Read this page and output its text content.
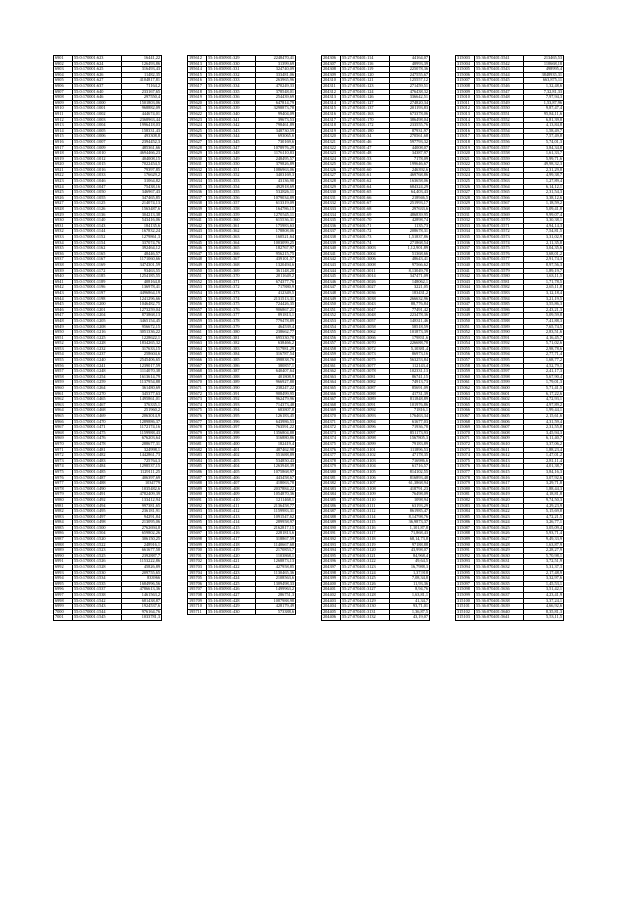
6901	55:0:170001:623	16441,22
6902	55:0:170001:624	126493,86
6903	55:0:170001:625	316493,43
6904	55:0:170001:626	11482,35
6905	55:0:170001:627	4104817,81
6906	55:0:170001:637	71164,2
6907	55:0:170001:640	233167,65
6908	55:0:170001:646	297550,4
6909	55:0:170001:1000	1501803,06
6910	55:0:170001:1001	968882,09
6911	55:0:170001:1002	444674,01
6912	55:0:170001:1003	2368963,44
6913	55:0:170001:1004	1996418,03
6914	55:0:170001:1005	158331,43
6915	55:0:170001:1006	493308,8
6916	55:0:170001:1007	2394452,3
6917	55:0:170001:1009	485361,66
6918	55:0:170001:1010	4694466,23
6919	55:0:170001:1012	404008,15
6920	55:0:170001:1015	7022454,5
6921	55:0:170001:1016	79397,85
6922	55:0:170001:1033	176629,2
6923	55:0:170001:1046	31064,82
6924	55:0:170001:1047	75438,16
6925	55:0:170001:1050	346967,43
6926	55:0:170001:1055	347465,85
6927	55:0:170001:1125	214074,13
6928	55:0:170001:1126	1563487,6
6929	55:0:170001:1136	304213,38
6930	55:0:170001:1140	543416,06
6931	55:0:170001:1143	184135,6
6932	55:0:170001:1144	167832,24
6933	55:0:170001:1152	1279861,3
6934	55:0:170001:1154	337074,76
6935	55:0:170001:1162	392464,12
6936	55:0:170001:1165	48446,57
6937	55:0:170001:1167	1171060,66
6938	55:0:170001:1169	3474301,59
6939	55:0:170001:1172	93463,55
6940	55:0:170001:1185	1254185,55
6941	55:0:170001:1189	408164,8
6942	55:0:170001:1196	136978,41
6943	55:0:170001:1197	4496864,19
6944	55:0:170001:1198	1241296,66
6945	55:0:170001:1200	1046482,75
6946	55:0:170001:1201	1273259,04
6947	55:0:170001:1204	873868,13
6948	55:0:170001:1205	3465154,45
6949	55:0:170001:1208	956672,15
6950	55:0:170001:1216	3051336,22
6951	55:0:170001:1225	1228622,1
6952	55:0:170001:1228	1834265,32
6953	55:0:170001:1232	317633,15
6954	55:0:170001:1237	258604,6
6955	55:0:170001:1240	2545406,65
6956	55:0:170001:1241	1239017,59
6957	55:0:170001:1248	1114070,38
6958	55:0:170001:1254	1613614,79
6959	55:0:170001:1259	1137954,88
6960	55:0:170001:1264	361480,69
6961	55:0:170001:1270	345377,63
6962	55:0:170001:1465	1495861,01
6963	55:0:170001:1467	376335,1
6964	55:0:170001:1468	251960,2
6965	55:0:170001:1469	2063014,9
6966	55:0:170001:1470	1289886,37
6967	55:0:170001:1471	1172174,16
6968	55:0:170001:1475	1159988,43
6969	55:0:170001:1476	676203,64
6970	55:0:170001:1478	288677,31
6971	55:0:170001:1481	324998,1
6972	55:0:170001:1482	1442861,73
6973	55:0:170001:1483	725764,3
6974	55:0:170001:1484	1298537,15
6975	55:0:170001:1485	1129111,25
6976	55:0:170001:1487	406397,69
6977	55:0:170001:1488	1034779
6978	55:0:170001:1490	1035482,6
6979	55:0:170001:1491	4782409,39
6980	55:0:170001:1492	133412,94
6981	55:0:170001:1494	997381,65
6982	55:0:170001:1495	236181,91
6983	55:0:170001:1497	94291,84
6984	55:0:170001:1498	213095,06
6985	55:0:170001:1500	2762694,8
6986	55:0:170001:1504	659802,26
6987	55:0:170001:1520	306150,25
6988	55:0:170001:1522	248916,1
6989	55:0:170001:1523	661677,58
6990	55:0:170001:1525	2392887,7
6991	55:0:170001:1526	1153222,86
6992	55:0:170001:1528	45826,89
6993	55:0:170001:1530	209755,65
6994	55:0:170001:1534	833966
6995	55:0:170001:1535	1684996,56
6996	55:0:170001:1537	4786613,36
6997	55:0:170001:1538	1461563,2
6998	55:0:170001:1542	681438,87
6999	55:0:170001:1543	1924537,6
7000	55:0:170001:1544	976164,76
7001	55:0:170001:1545	1033781,3
195612	55:16:050901:329	2248470,41
195613	55:16:050901:330	31399,69
195614	55:16:050901:331	324740,09
195615	55:16:050901:332	333481,06
195616	55:16:050901:333	263965,96
195617	55:16:050901:334	470249,33
195618	55:16:050901:335	378548,01
195619	55:16:050901:336	254439,69
195620	55:16:050901:338	647814,79
195621	55:16:050901:339	3298873,78
195622	55:16:050901:340	99404,09
195623	55:16:050901:341	39673,53
195624	55:16:050901:342	798461,89
195625	55:16:050901:343	348730,59
195626	55:16:050901:344	693065,6
195627	55:16:050901:345	730169,6
195628	55:16:050901:347	1078976,29
195629	55:16:050901:348	1176110,83
195630	55:16:050901:349	248495,57
195631	55:16:050901:350	379826,89
195632	55:16:050901:351	1086963,06
195633	55:16:050901:352	3403169,3
195634	55:16:050901:353	43136,98
195635	55:16:050901:354	492918,69
195636	55:16:050901:355	532826,11
195637	55:16:050901:356	1079034,89
195638	55:16:050901:357	613319,09
195639	55:16:050901:358	164786,15
195640	55:16:050901:359	1270545,11
195641	55:16:050901:360	615536,31
195642	55:16:050901:361	175983,63
195643	55:16:050901:362	178808,06
195644	55:16:050901:363	160521,64
195645	55:16:050901:364	1003099,25
195646	55:16:050901:365	182767,97
195647	55:16:050901:366	956215,75
195648	55:16:050901:367	439101,57
195649	55:16:050901:368	1320494,6
195650	55:16:050901:369	361148,28
195651	55:16:050901:370	2011649,2
195652	55:16:050901:371	674377,76
195653	55:16:050901:372	717880,9
195654	55:16:050901:373	412349,5
195655	55:16:050901:374	2131513,31
195656	55:16:050901:375	724426,35
195657	55:16:050901:376	906867,21
195658	55:16:050901:377	891813,1
195659	55:16:050901:378	779478,89
195660	55:16:050901:379	464539,4
195661	55:16:050901:380	238662,77
195662	55:16:050901:381	695330,78
195663	55:16:050901:382	638466,2
195664	55:16:050901:383	517981,29
195665	55:16:050901:384	316787,54
195666	55:16:050901:385	398838,76
195667	55:16:050901:386	380857,1
195668	55:16:050901:387	640407,64
195669	55:16:050901:388	401808,9
195670	55:16:050901:389	966927,88
195671	55:16:050901:390	238247,22
195672	55:16:050901:391	908499,95
195673	55:16:050901:392	962479,96
195674	55:16:050901:393	714373,48
195675	55:16:050901:394	683807,8
195676	55:16:050901:395	126183,45
195677	55:16:050901:396	643986,53
195678	55:16:050901:397	763591,22
195679	55:16:050901:398	1356804,88
195680	55:16:050901:399	316880,86
195681	55:16:050901:400	182419,4
195682	55:16:050901:401	487462,98
195683	55:16:050901:402	551688,89
195684	55:16:050901:403	534850,43
195685	55:16:050901:404	1263948,39
195686	55:16:050901:405	1075868,97
195687	55:16:050901:406	443458,67
195688	55:16:050901:407	418063,78
195689	55:16:050901:408	2037884,22
195690	55:16:050901:409	1054870,36
195691	55:16:050901:410	1211468,1
195692	55:16:050901:411	2136458,77
195693	55:16:050901:412	1159983,31
195694	55:16:050901:413	1091547,62
195695	55:16:050901:414	289958,97
195696	55:16:050901:415	2162817,15
195697	55:16:050901:416	2281813,6
195698	55:16:050901:417	318867,59
195699	55:16:050901:418	1140667,68
195700	55:16:050901:419	2170853,7
195701	55:16:050901:420	1103868,1
195702	55:16:050901:421	1268873,13
195703	55:16:050901:422	427958,85
195704	55:16:050901:423	1130465,36
195705	55:16:050901:424	2108563,6
195706	55:16:050901:425	1309498,33
195707	55:16:050901:426	1499963,2
195708	55:16:050901:427	286751,3
195709	55:16:050901:428	1087988,98
195710	55:16:050901:429	428179,49
195711	55:16:050901:430	573388,6
204306	55:27:070401:114	44164,07
204307	55:27:070401:116	48993,39
204308	55:27:070401:119	225078,36
204309	55:27:070401:120	247555,67
204310	55:27:070401:121	125557,12
204311	55:27:070401:123	271459,51
204312	55:27:070401:124	476438,32
204313	55:27:070401:126	336642,51
204314	55:27:070401:127	274820,34
204315	55:27:070401:137	201193,83
204316	55:27:070401:163	673378,06
204317	55:27:070401:170	386498,04
204318	55:27:070401:172	233555,76
204319	55:27:070401:180	87931,97
204320	55:27:070401:34	270561,68
204321	55:27:070401:46	597793,32
204322	55:27:070401:47	44008,07
204323	55:27:070401:48	34387,97
204324	55:27:070401:53	7178,09
204325	55:27:070401:56	199646,67
204326	55:27:070401:60	246392,6
204327	55:27:070401:61	469768,86
204328	55:27:070401:62	163658,06
204329	55:27:070401:64	684324,29
204330	55:27:070401:65	64,403,43
204331	55:27:070401:66	218946,5
204332	55:27:070401:67	251993,17
204333	55:27:070401:68	297633,6
204334	55:27:070401:69	486839,95
204335	55:27:070401:70	42898,74
204336	55:27:070401:71	1135,73
204337	55:27:070401:72	208678,31
204338	55:27:070401:73	1,51837,86
204339	55:27:070401:74	271868,54
204340	55:27:070401:3003	1,12,901,89
204341	55:27:070401:3004	51368,66
204342	55:27:070401:3006	48643,41
204343	55:27:070401:3008	97566,62
204344	55:27:070401:3011	8,13049,78
204345	55:27:070401:3014	347471,09
204346	55:27:070401:3026	148062,1
204347	55:27:070401:3027	3221,05
204348	55:27:070401:3036	183431,2
204349	55:27:070401:3038	266632,96
204350	55:27:070401:3043	88,776,84
204351	55:27:070401:3047	77491,42
204352	55:27:070401:3048	223478,36
204353	55:27:070401:3057	148311,46
204354	55:27:070401:3058	58518,59
204355	55:27:070401:3062	101873,39
204356	55:27:070401:3066	179831,6
204357	55:27:070401:3070	226688,78
204358	55:27:070401:3072	5,10381,4
204359	55:27:070401:3073	86973,16
204360	55:27:070401:3075	563253,84
204361	55:27:070401:3077	112143,4
204362	55:27:070401:3078	102331,13
204363	55:27:070401:3081	86741,15
204364	55:27:070401:3082	74913,73
204365	55:27:070401:3087	85691,09
204366	55:27:070401:3088	41731,39
204367	55:27:070401:3089	811848,89
204368	55:27:070401:3091	101976,86
204369	55:27:070401:3092	71816,1
204370	55:27:070401:3093	176463,34
204371	55:27:070401:3094	61677,03
204372	55:27:070401:3096	71936,78
204373	55:27:070401:3097	851173,93
204374	55:27:070401:3098	1567805,3
204375	55:27:070401:3099	79183,89
204376	55:27:070401:3101	111896,53
204377	55:27:070401:3102	47178,35
204378	55:27:070401:3103	716986,6
204379	55:27:070401:3104	61716,57
204380	55:27:070401:3105	814102,55
204381	55:27:070401:3106	816893,48
204382	55:27:070401:3107	61,3868,94
204383	55:27:070401:3108	418791,23
204384	55:27:070401:3109	76498,09
204385	55:27:070401:3110	1098,94
204386	55:27:070401:3111	63193,29
204387	55:27:070401:3112	861985,47
204388	55:27:070401:3114	8,14798,76
204389	55:27:070401:3115	36,9873,37
204390	55:27:070401:3116	1,101,87,8
204391	55:27:070401:3117	71,868,43
204392	55:27:070401:3118	68,14,73,8
204393	55:27:070401:3119	97188,88
204394	55:27:070401:3120	43,998,07
204395	55:27:070401:3121	84,968,4
204396	55:27:070401:3122	49,64,5
204397	55:27:070401:3123	16,7988,3
204398	55:27:070401:3124	1,37,918
204399	55:27:070401:3125	7,08,34,8
204400	55:27:070401:3126	11,93,36
204401	55:27:070401:3127	8,94,76
204402	55:27:070401:3128	1,63,81,1
204403	55:27:070401:3129	41,34,7
204404	55:27:070401:3130	93,71,01
204405	55:27:070401:3131	1,36,87,5
204406	55:27:070401:3132	43,19,07
315003	55:36:070401:5541	213465,53
315004	55:36:070401:5542	110668,18
315005	55:36:070401:5543	498995,4
315006	55:36:070401:5544	3848935,31
315007	55:36:070401:5545	663,875,11
315008	55:36:070401:5546	1,32,48,6
315009	55:36:070401:5547	7,32,81,33
315010	55:36:070401:5548	7,97,94,3
315011	55:36:070401:5549	1,53,87,96
315012	55:36:070401:5550	9,87,47,4
315013	55:36:070401:5551	95,84,11,6
315014	55:36:070401:5552	6,81,39,8
315015	55:36:070401:5553	4,13,84,8
315016	55:36:070401:5554	1,58,49,7
315017	55:36:070401:5555	7,57,49,8
315018	55:36:070401:5556	5,74,01,3
315019	55:36:070401:5557	3,84,34,8
315020	55:36:070401:5558	1,61,33,7
315021	55:36:070401:5559	5,99,71,6
315022	55:36:070401:5560	49,98,32,3
315023	55:36:070401:5561	2,31,29,8
315024	55:36:070401:5562	4,99,38,7
315025	55:36:070401:5563	1,27,89,4
315026	55:36:070401:5564	6,14,12,1
315027	55:36:070401:5565	2,31,54,3
315028	55:36:070401:5566	3,38,12,6
315029	55:36:070401:5567	1,18,59,2
315030	55:36:070401:5568	5,09,41,8
315031	55:36:070401:5569	9,99,07,4
315032	55:36:070401:5570	3,30,38,1
315033	55:36:070401:5571	4,94,14,3
315034	55:36:070401:5572	7,54,81,5
315035	55:36:070401:5573	3,31,02,9
315036	55:36:070401:5574	2,11,35,8
315037	55:36:070401:5575	3,04,35,6
315038	55:36:070401:5576	3,68,01,2
315039	55:36:070401:5577	2,91,74,3
315040	55:36:070401:5578	8,97,56,3
315041	55:36:070401:5579	1,89,19,7
315042	55:36:070401:5580	1,63,11,5
315043	55:36:070401:5581	1,71,78,5
315044	55:36:070401:5582	2,65,11,8
315045	55:36:070401:5583	3,12,18,4
315046	55:36:070401:5584	3,21,19,5
315047	55:36:070401:5585	3,55,86,3
315048	55:36:070401:5586	2,43,21,3
315049	55:36:070401:5587	5,09,59,8
315050	55:36:070401:5588	7,41,88,3
315051	55:36:070401:5589	7,65,74,5
315052	55:36:070401:5590	2,83,51,6
315053	55:36:070401:5591	4,16,45,7
315054	55:36:070401:5592	5,71,02,6
315055	55:36:070401:5593	2,98,78,6
315056	55:36:070401:5594	2,77,71,4
315057	55:36:070401:5595	1,68,77,2
315058	55:36:070401:5596	4,52,79,1
315059	55:36:070401:5597	2,41,17,3
315060	55:36:070401:5598	5,67,90,4
315061	55:36:070401:5599	1,79,01,3
315062	55:36:070401:5600	5,71,41,5
315063	55:36:070401:5601	6,17,22,6
315064	55:36:070401:5602	4,72,93,1
315065	55:36:070401:5603	4,97,89,2
315066	55:36:070401:5604	1,99,44,1
315067	55:36:070401:5605	2,15,61,6
315068	55:36:070401:5606	4,31,59,4
315069	55:36:070401:5607	2,31,55,8
315070	55:36:070401:5608	3,45,94,3
315071	55:36:070401:5609	6,11,40,7
315072	55:36:070401:5610	3,37,06,2
315073	55:36:070401:5611	1,88,23,4
315074	55:36:070401:5612	1,47,01,2
315075	55:36:070401:5613	2,81,11,4
315076	55:36:070401:5614	4,01,38,7
315077	55:36:070401:5615	3,84,16,3
315078	55:36:070401:5616	3,07,92,6
315079	55:36:070401:5617	3,29,71,8
315080	55:36:070401:5618	1,88,44,3
315081	55:36:070401:5619	4,18,81,8
315082	55:36:070401:5620	9,74,50,3
315083	55:36:070401:5621	4,29,23,9
315084	55:36:070401:5622	5,15,69,8
315085	55:36:070401:5623	4,72,21,5
315086	55:36:070401:5624	3,26,77,1
315087	55:36:070401:5625	3,05,09,4
315088	55:36:070401:5626	5,93,71,4
315089	55:36:070401:5627	9,49,33,9
315090	55:36:070401:5628	1,63,87,9
315091	55:36:070401:5629	2,28,27,9
315092	55:36:070401:5630	5,70,98,1
315093	55:36:070401:5631	3,72,51,9
315094	55:36:070401:5632	5,31,37,3
315095	55:36:070401:5633	2,17,48,9
315096	55:36:070401:5634	3,32,97,6
315097	55:36:070401:5635	1,45,53,1
315098	55:36:070401:5636	3,51,42,1
315099	55:36:070401:5637	4,23,41,9
315100	55:36:070401:5638	3,37,24,1
315101	55:36:070401:5639	4,66,92,6
315102	55:36:070401:5640	8,35,81,3
315103	55:36:070401:5641	5,53,11,5
